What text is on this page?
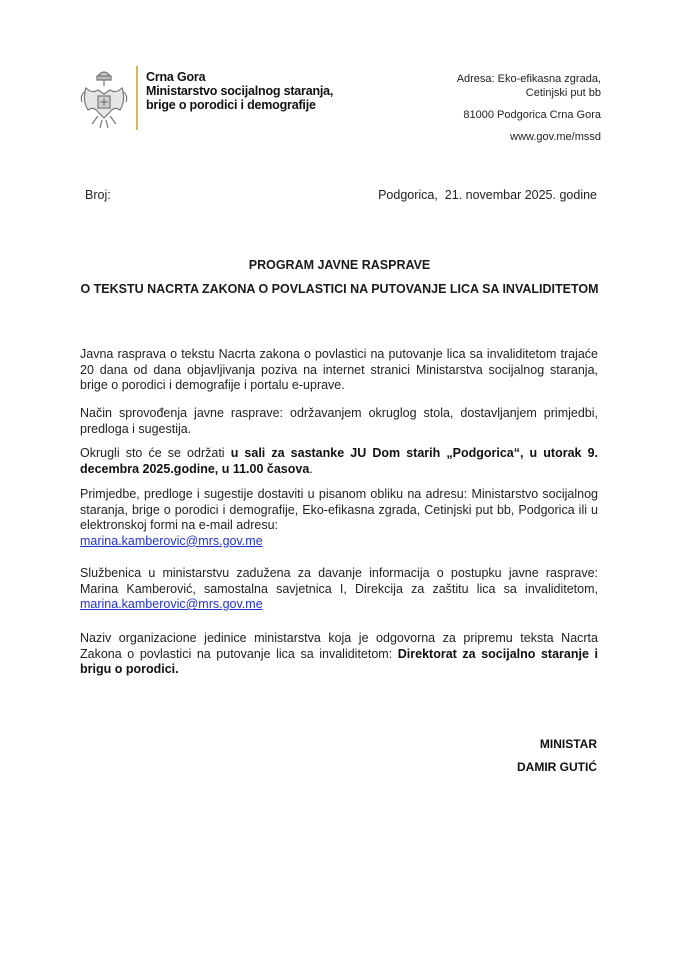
Crna Gora
Ministarstvo socijalnog staranja,
brige o porodici i demografije
Adresa: Eko-efikasna zgrada,
Cetinjski put bb
81000 Podgorica Crna Gora
www.gov.me/mssd
Broj:	Podgorica,  21. novembar 2025. godine
PROGRAM JAVNE RASPRAVE
O TEKSTU NACRTA ZAKONA O POVLASTICI NA PUTOVANJE LICA SA INVALIDITETOM
Javna rasprava o tekstu Nacrta zakona o povlastici na putovanje lica sa invaliditetom trajaće 20 dana od dana objavljivanja poziva na internet stranici Ministarstva socijalnog staranja, brige o porodici i demografije i portalu e-uprave.
Način sprovođenja javne rasprave: održavanjem okruglog stola, dostavljanjem primjedbi, predloga i sugestija.
Okrugli sto će se održati u sali za sastanke JU Dom starih „Podgorica“, u utorak 9. decembra 2025.godine, u 11.00 časova.
Primjedbe, predloge i sugestije dostaviti u pisanom obliku na adresu: Ministarstvo socijalnog staranja, brige o porodici i demografije, Eko-efikasna zgrada, Cetinjski put bb, Podgorica ili u elektronskoj formi na e-mail adresu:
marina.kamberovic@mrs.gov.me
Službenica u ministarstvu zadužena za davanje informacija o postupku javne rasprave: Marina Kamberović, samostalna savjetnica I, Direkcija za zaštitu lica sa invaliditetom, marina.kamberovic@mrs.gov.me
Naziv organizacione jedinice ministarstva koja je odgovorna za pripremu teksta Nacrta Zakona o povlastici na putovanje lica sa invaliditetom: Direktorat za socijalno staranje i brigu o porodici.
MINISTAR
DAMIR GUTIĆ
